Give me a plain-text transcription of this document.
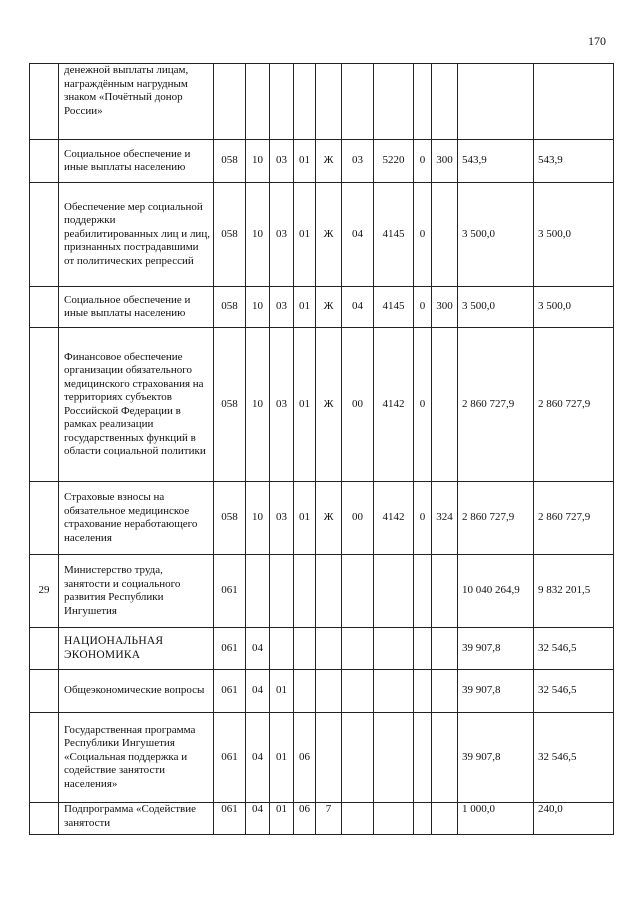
170
	денежной выплаты лицам, награждённым нагрудным знаком «Почётный донор России»											
	Социальное обеспечение и иные выплаты населению	058	10	03	01	Ж	03	5220	0	300	543,9	543,9
	Обеспечение мер социальной поддержки реабилитированных лиц и лиц, признанных пострадавшими от политических репрессий	058	10	03	01	Ж	04	4145	0		3 500,0	3 500,0
	Социальное обеспечение и иные выплаты населению	058	10	03	01	Ж	04	4145	0	300	3 500,0	3 500,0
	Финансовое обеспечение организации обязательного медицинского страхования на территориях субъектов Российской Федерации в рамках реализации государственных функций в области социальной политики	058	10	03	01	Ж	00	4142	0		2 860 727,9	2 860 727,9
	Страховые взносы на обязательное медицинское страхование неработающего населения	058	10	03	01	Ж	00	4142	0	324	2 860 727,9	2 860 727,9
29	Министерство труда, занятости и социального развития Республики Ингушетия	061									10 040 264,9	9 832 201,5
	НАЦИОНАЛЬНАЯ ЭКОНОМИКА	061	04								39 907,8	32 546,5
	Общеэкономические вопросы	061	04	01							39 907,8	32 546,5
	Государственная программа Республики Ингушетия «Социальная поддержка и содействие занятости населения»	061	04	01	06						39 907,8	32 546,5
	Подпрограмма «Содействие занятости	061	04	01	06	7					1 000,0	240,0
